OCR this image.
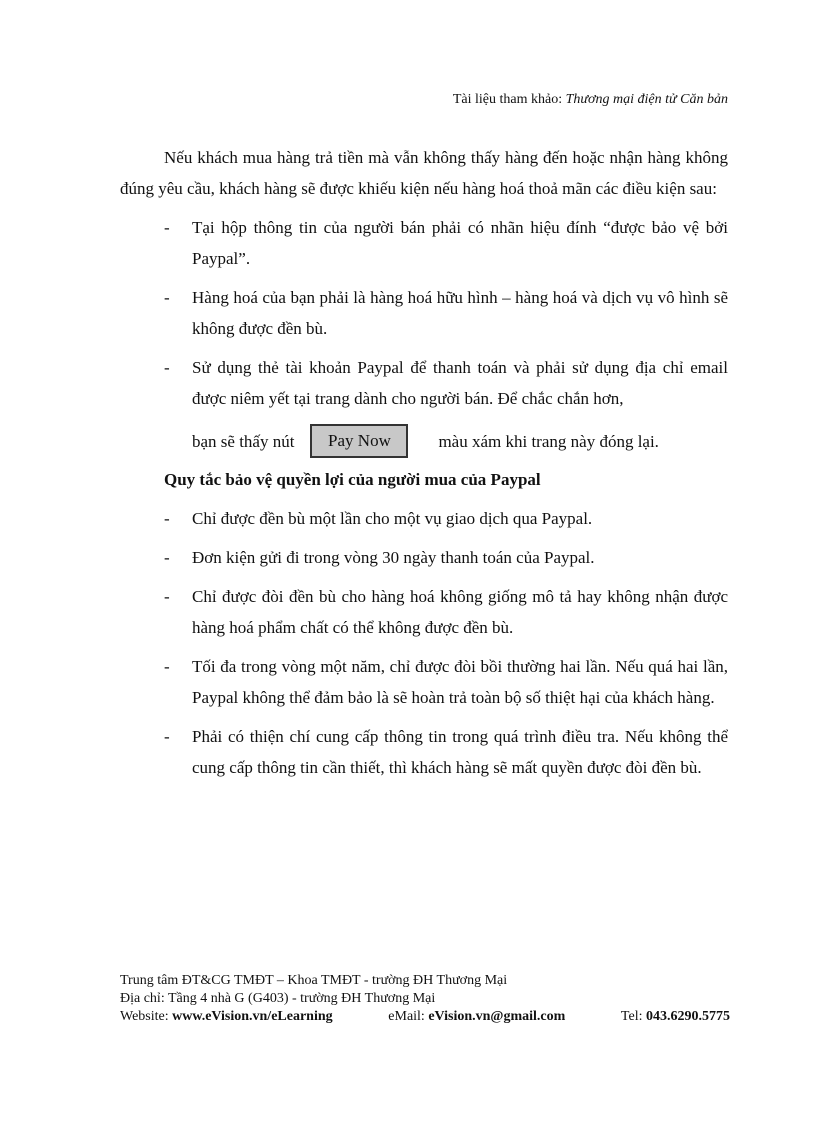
Tài liệu tham khảo: Thương mại điện tử Căn bản

Nếu khách mua hàng trả tiền mà vẫn không thấy hàng đến hoặc nhận hàng không đúng yêu cầu, khách hàng sẽ được khiếu kiện nếu hàng hoá thoả mãn các điều kiện sau:

- Tại hộp thông tin của người bán phải có nhãn hiệu đính “được bảo vệ bởi Paypal”.
- Hàng hoá của bạn phải là hàng hoá hữu hình – hàng hoá và dịch vụ vô hình sẽ không được đền bù.
- Sử dụng thẻ tài khoản Paypal để thanh toán và phải sử dụng địa chỉ email được niêm yết tại trang dành cho người bán. Để chắc chắn hơn,
bạn sẽ thấy nút	Pay Now	màu xám khi trang này đóng lại.
Quy tắc bảo vệ quyền lợi của người mua của Paypal
- Chỉ được đền bù một lần cho một vụ giao dịch qua Paypal.
- Đơn kiện gửi đi trong vòng 30 ngày thanh toán của Paypal.
- Chỉ được đòi đền bù cho hàng hoá không giống mô tả hay không nhận được hàng hoá phẩm chất có thể không được đền bù.
- Tối đa trong vòng một năm, chỉ được đòi bồi thường hai lần. Nếu quá hai lần, Paypal không thể đảm bảo là sẽ hoàn trả toàn bộ số thiệt hại của khách hàng.
- Phải có thiện chí cung cấp thông tin trong quá trình điều tra. Nếu không thể cung cấp thông tin cần thiết, thì khách hàng sẽ mất quyền được đòi đền bù.
Trung tâm ĐT&CG TMĐT – Khoa TMĐT - trường ĐH Thương Mại
Địa chỉ: Tầng 4 nhà G (G403) - trường ĐH Thương Mại
Website: www.eVision.vn/eLearning	eMail: eVision.vn@gmail.com	Tel: 043.6290.5775
